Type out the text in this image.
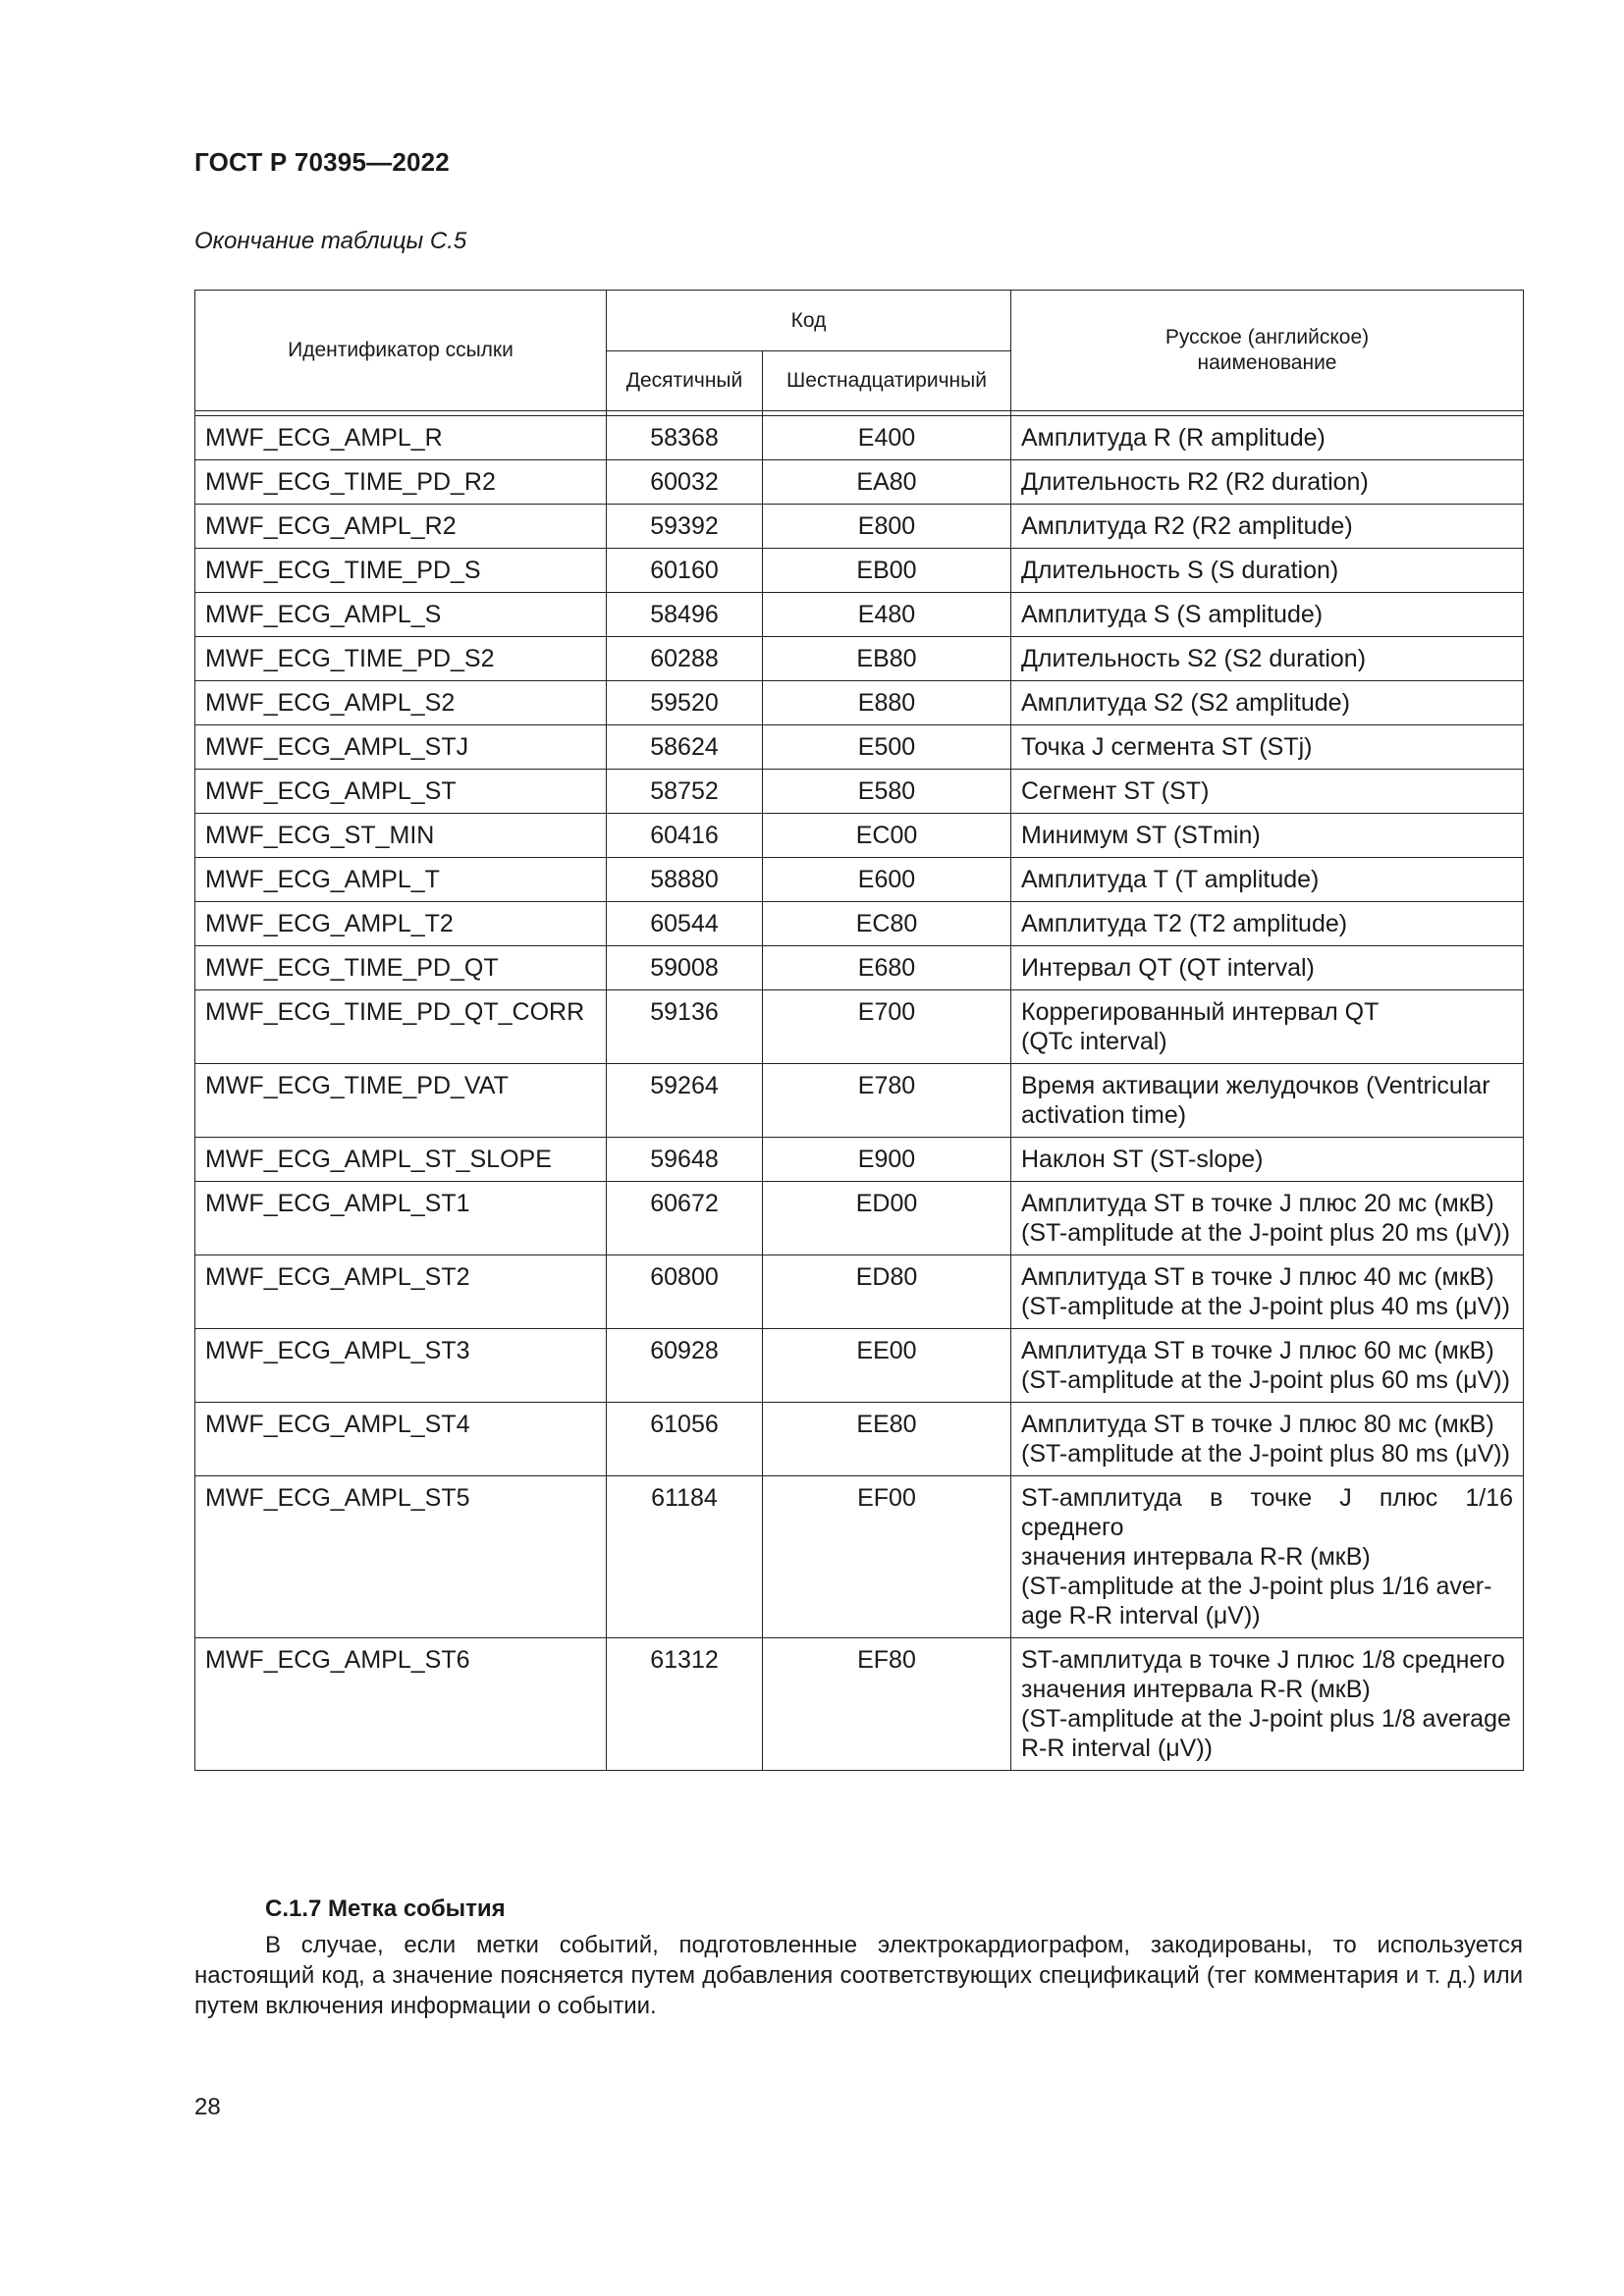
ГОСТ Р 70395—2022
Окончание таблицы С.5
Идентификатор ссылки	Код		Русское (английское) наименование
	Десятичный	Шестнадцатиричный	

MWF_ECG_AMPL_R	58368	E400	Амплитуда R (R amplitude)

MWF_ECG_TIME_PD_R2	60032	EA80	Длительность R2 (R2 duration)

MWF_ECG_AMPL_R2	59392	E800	Амплитуда R2 (R2 amplitude)

MWF_ECG_TIME_PD_S	60160	EB00	Длительность S (S duration)

MWF_ECG_AMPL_S	58496	E480	Амплитуда S (S amplitude)

MWF_ECG_TIME_PD_S2	60288	EB80	Длительность S2 (S2 duration)

MWF_ECG_AMPL_S2	59520	E880	Амплитуда S2 (S2 amplitude)

MWF_ECG_AMPL_STJ	58624	E500	Точка J сегмента ST (STj)

MWF_ECG_AMPL_ST	58752	E580	Сегмент ST (ST)

MWF_ECG_ST_MIN	60416	EC00	Минимум ST (STmin)

MWF_ECG_AMPL_T	58880	E600	Амплитуда T (T amplitude)

MWF_ECG_AMPL_T2	60544	EC80	Амплитуда T2 (T2 amplitude)

MWF_ECG_TIME_PD_QT	59008	E680	Интервал QT (QT interval)

MWF_ECG_TIME_PD_QT_CORR	59136	E700	Коррегированный интервал QT
(QTc interval)

MWF_ECG_TIME_PD_VAT	59264	E780	Время активации желудочков (Ventricular
activation time)

MWF_ECG_AMPL_ST_SLOPE	59648	E900	Наклон ST (ST-slope)

MWF_ECG_AMPL_ST1	60672	ED00	Амплитуда ST в точке J плюс 20 мс (мкВ)
(ST-amplitude at the J-point plus 20 ms (μV))

MWF_ECG_AMPL_ST2	60800	ED80	Амплитуда ST в точке J плюс 40 мс (мкВ)
(ST-amplitude at the J-point plus 40 ms (μV))

MWF_ECG_AMPL_ST3	60928	EE00	Амплитуда ST в точке J плюс 60 мс (мкВ)
(ST-amplitude at the J-point plus 60 ms (μV))

MWF_ECG_AMPL_ST4	61056	EE80	Амплитуда ST в точке J плюс 80 мс (мкВ)
(ST-amplitude at the J-point plus 80 ms (μV))

MWF_ECG_AMPL_ST5	61184	EF00	ST-амплитуда в точке J плюс 1/16 среднего
значения интервала R-R (мкВ)
(ST-amplitude at the J-point plus 1/16 aver-
age R-R interval (μV))

MWF_ECG_AMPL_ST6	61312	EF80	ST-амплитуда в точке J плюс 1/8 среднего
значения интервала R-R (мкВ)
(ST-amplitude at the J-point plus 1/8 average
R-R interval (μV))
С.1.7 Метка события
В случае, если метки событий, подготовленные электрокардиографом, закодированы, то используется настоящий код, а значение поясняется путем добавления соответствующих спецификаций (тег комментария и т. д.) или путем включения информации о событии.
28
